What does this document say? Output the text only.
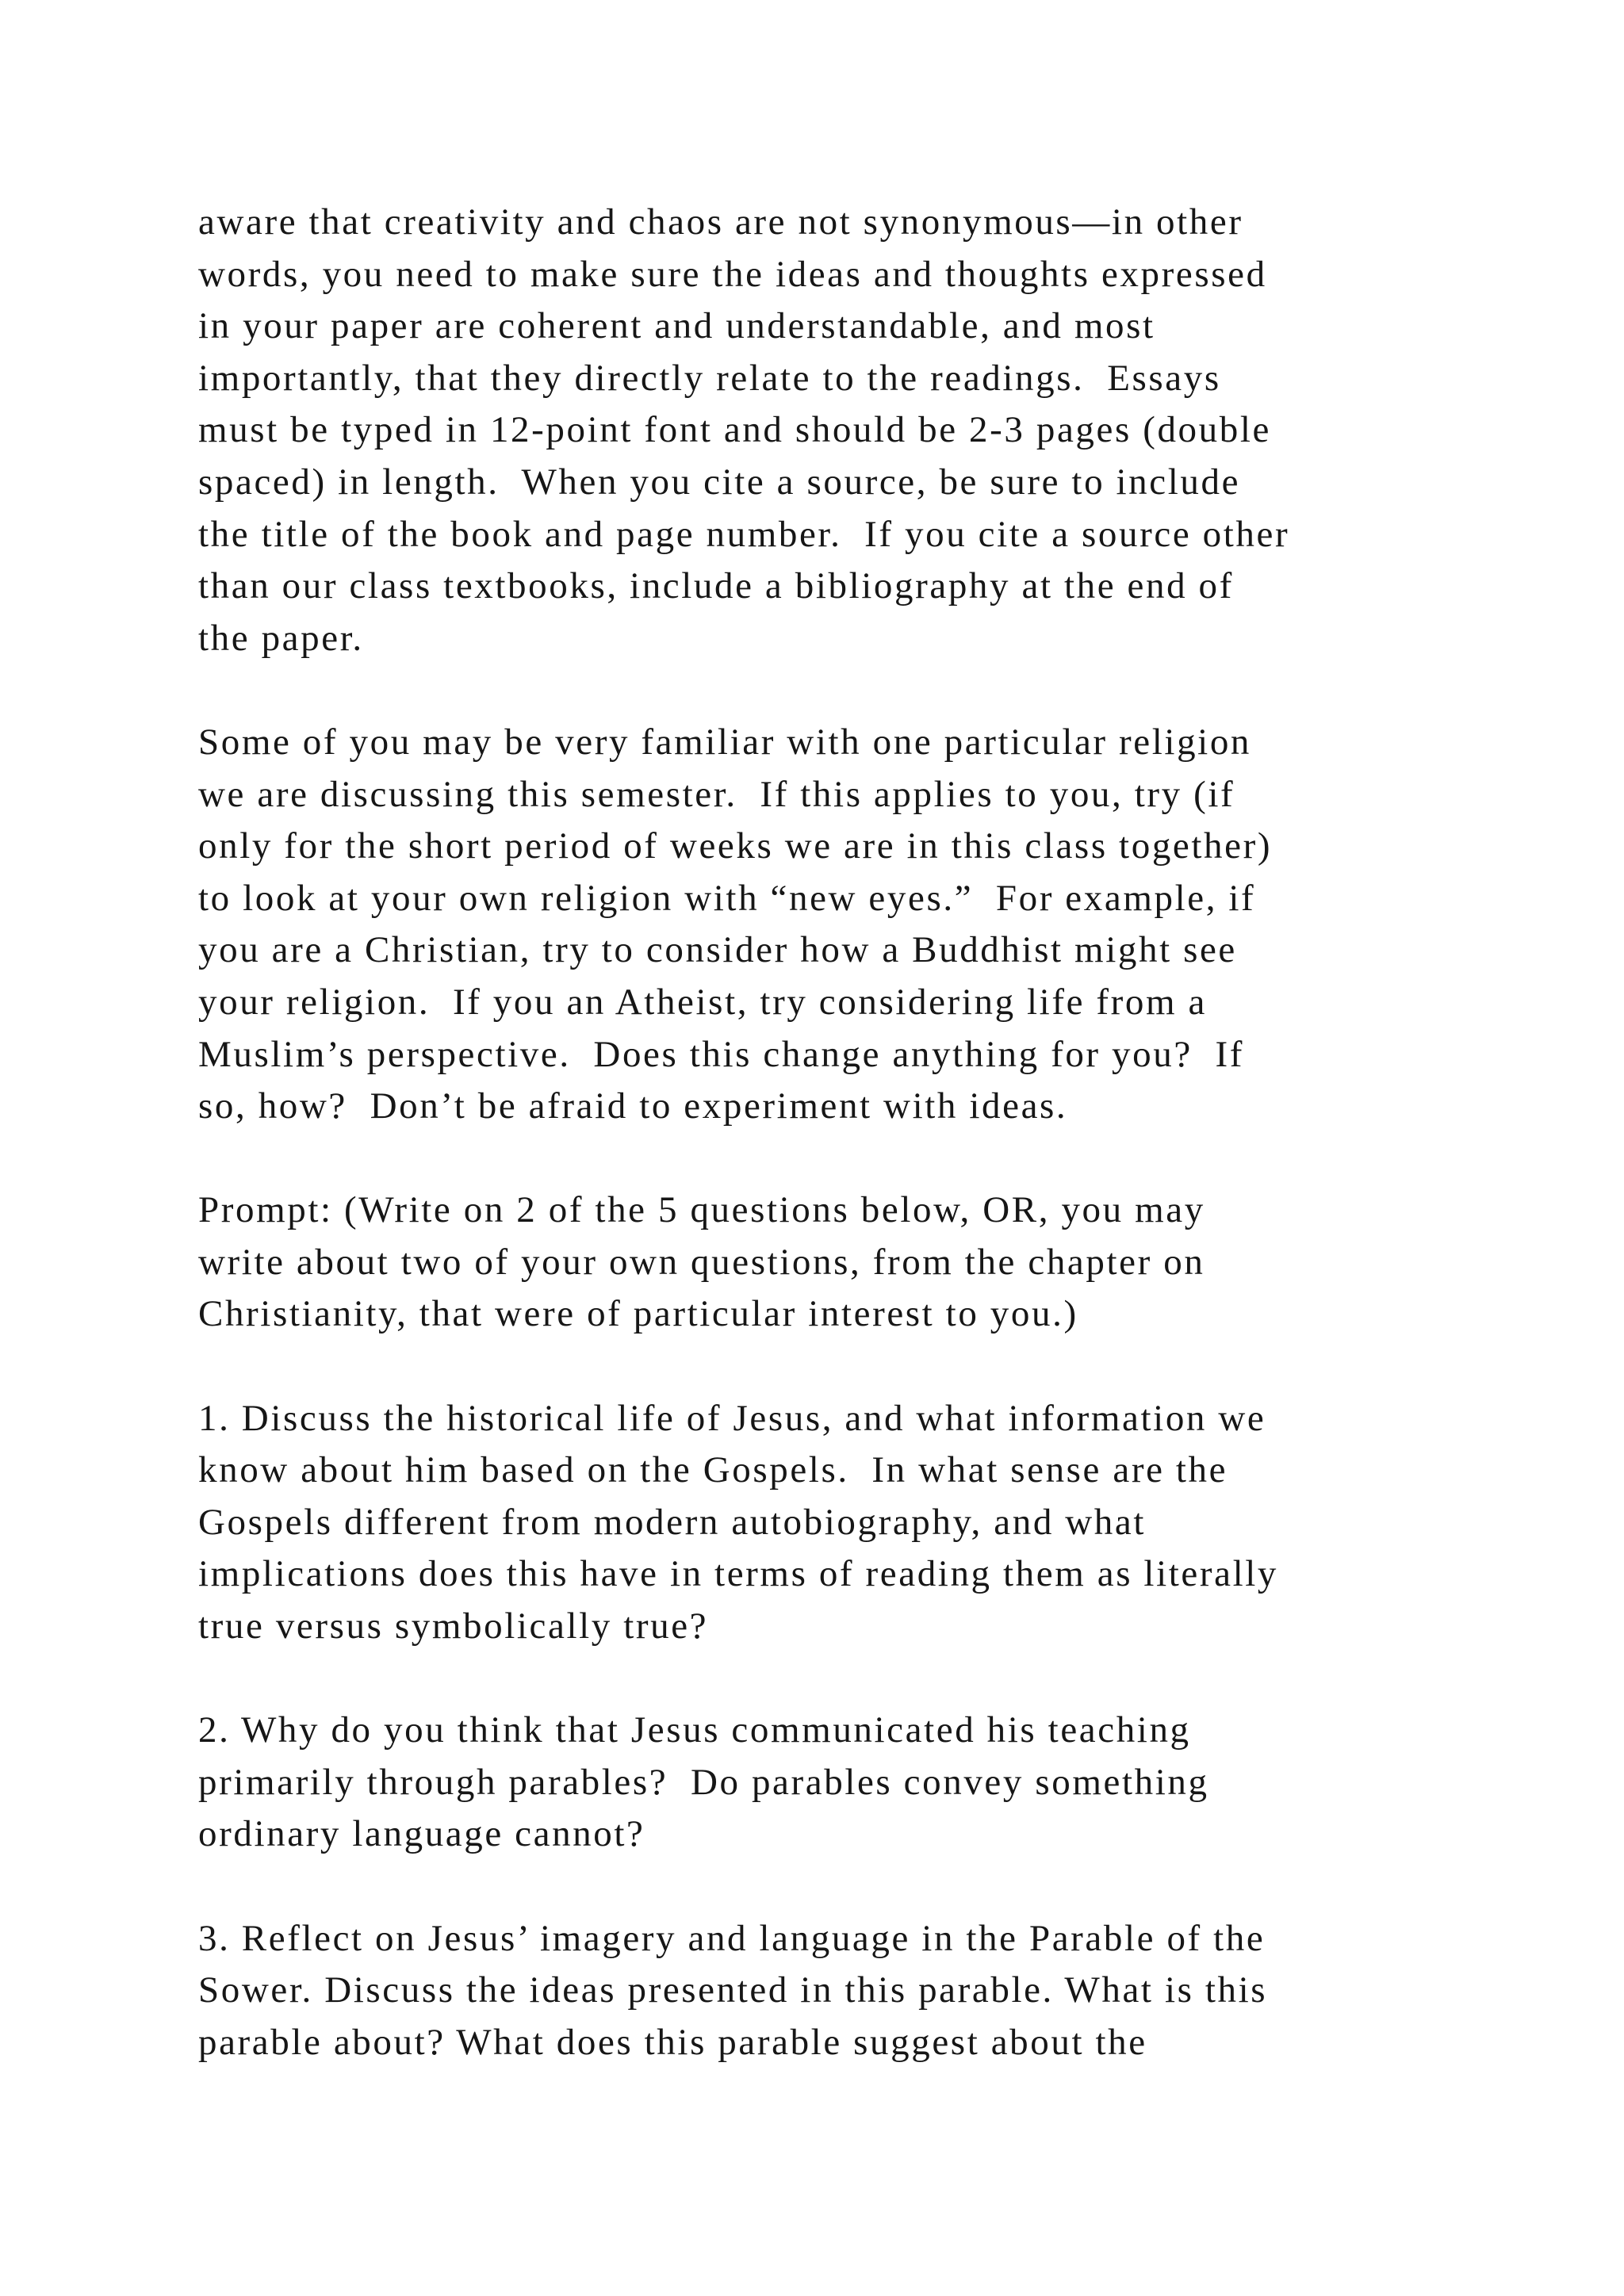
aware that creativity and chaos are not synonymous—in other
words, you need to make sure the ideas and thoughts expressed
in your paper are coherent and understandable, and most
importantly, that they directly relate to the readings.  Essays
must be typed in 12-point font and should be 2-3 pages (double
spaced) in length.  When you cite a source, be sure to include
the title of the book and page number.  If you cite a source other
than our class textbooks, include a bibliography at the end of
the paper.
Some of you may be very familiar with one particular religion
we are discussing this semester.  If this applies to you, try (if
only for the short period of weeks we are in this class together)
to look at your own religion with “new eyes.”  For example, if
you are a Christian, try to consider how a Buddhist might see
your religion.  If you an Atheist, try considering life from a
Muslim’s perspective.  Does this change anything for you?  If
so, how?  Don’t be afraid to experiment with ideas.
Prompt: (Write on 2 of the 5 questions below, OR, you may
write about two of your own questions, from the chapter on
Christianity, that were of particular interest to you.)
1. Discuss the historical life of Jesus, and what information we
know about him based on the Gospels.  In what sense are the
Gospels different from modern autobiography, and what
implications does this have in terms of reading them as literally
true versus symbolically true?
2. Why do you think that Jesus communicated his teaching
primarily through parables?  Do parables convey something
ordinary language cannot?
3. Reflect on Jesus’ imagery and language in the Parable of the
Sower. Discuss the ideas presented in this parable. What is this
parable about? What does this parable suggest about the
